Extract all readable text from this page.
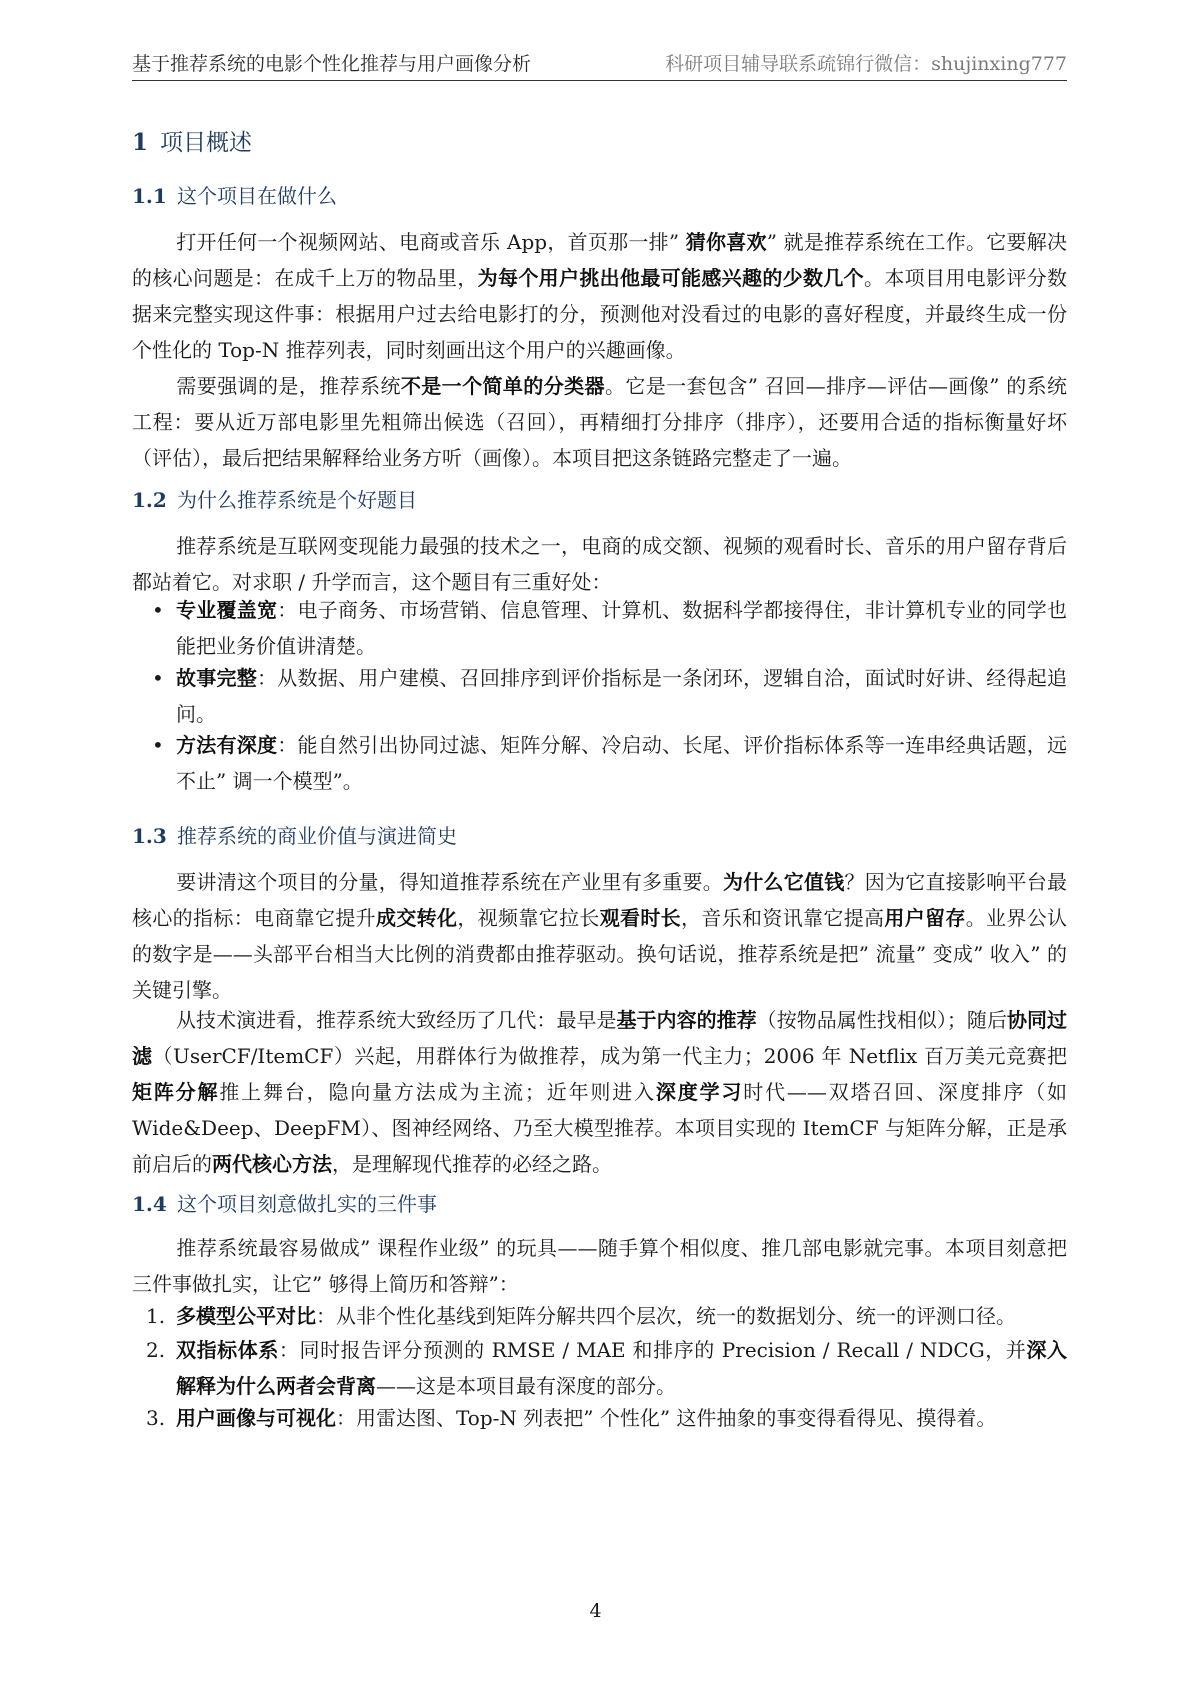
基于推荐系统的电影个性化推荐与用户画像分析	科研项目辅导联系疏锦行微信：shujinxing777
1 项目概述
1.1 这个项目在做什么

打开任何一个视频网站、电商或音乐 App，首页那一排” 猜你喜欢” 就是推荐系统在工作。它要解决的核心问题是：在成千上万的物品里，为每个用户挑出他最可能感兴趣的少数几个。本项目用电影评分数据来完整实现这件事：根据用户过去给电影打的分，预测他对没看过的电影的喜好程度，并最终生成一份个性化的 Top-N 推荐列表，同时刻画出这个用户的兴趣画像。

需要强调的是，推荐系统不是一个简单的分类器。它是一套包含” 召回—排序—评估—画像” 的系统工程：要从近万部电影里先粗筛出候选（召回），再精细打分排序（排序），还要用合适的指标衡量好坏（评估），最后把结果解释给业务方听（画像）。本项目把这条链路完整走了一遍。

1.2 为什么推荐系统是个好题目

推荐系统是互联网变现能力最强的技术之一，电商的成交额、视频的观看时长、音乐的用户留存背后都站着它。对求职 / 升学而言，这个题目有三重好处：

• 专业覆盖宽：电子商务、市场营销、信息管理、计算机、数据科学都接得住，非计算机专业的同学也能把业务价值讲清楚。
• 故事完整：从数据、用户建模、召回排序到评价指标是一条闭环，逻辑自洽，面试时好讲、经得起追问。
• 方法有深度：能自然引出协同过滤、矩阵分解、冷启动、长尾、评价指标体系等一连串经典话题，远不止” 调一个模型”。
1.3 推荐系统的商业价值与演进简史

要讲清这个项目的分量，得知道推荐系统在产业里有多重要。为什么它值钱？因为它直接影响平台最核心的指标：电商靠它提升成交转化，视频靠它拉长观看时长，音乐和资讯靠它提高用户留存。业界公认的数字是——头部平台相当大比例的消费都由推荐驱动。换句话说，推荐系统是把” 流量” 变成” 收入” 的关键引擎。

从技术演进看，推荐系统大致经历了几代：最早是基于内容的推荐（按物品属性找相似）；随后协同过滤（UserCF/ItemCF）兴起，用群体行为做推荐，成为第一代主力；2006 年 Netflix 百万美元竞赛把矩阵分解推上舞台，隐向量方法成为主流；近年则进入深度学习时代——双塔召回、深度排序（如 Wide&Deep、DeepFM）、图神经网络、乃至大模型推荐。本项目实现的 ItemCF 与矩阵分解，正是承前启后的两代核心方法，是理解现代推荐的必经之路。

1.4 这个项目刻意做扎实的三件事

推荐系统最容易做成” 课程作业级” 的玩具——随手算个相似度、推几部电影就完事。本项目刻意把三件事做扎实，让它” 够得上简历和答辩”：

1. 多模型公平对比：从非个性化基线到矩阵分解共四个层次，统一的数据划分、统一的评测口径。
2. 双指标体系：同时报告评分预测的 RMSE / MAE 和排序的 Precision / Recall / NDCG，并深入解释为什么两者会背离——这是本项目最有深度的部分。
3. 用户画像与可视化：用雷达图、Top-N 列表把” 个性化” 这件抽象的事变得看得见、摸得着。
4
